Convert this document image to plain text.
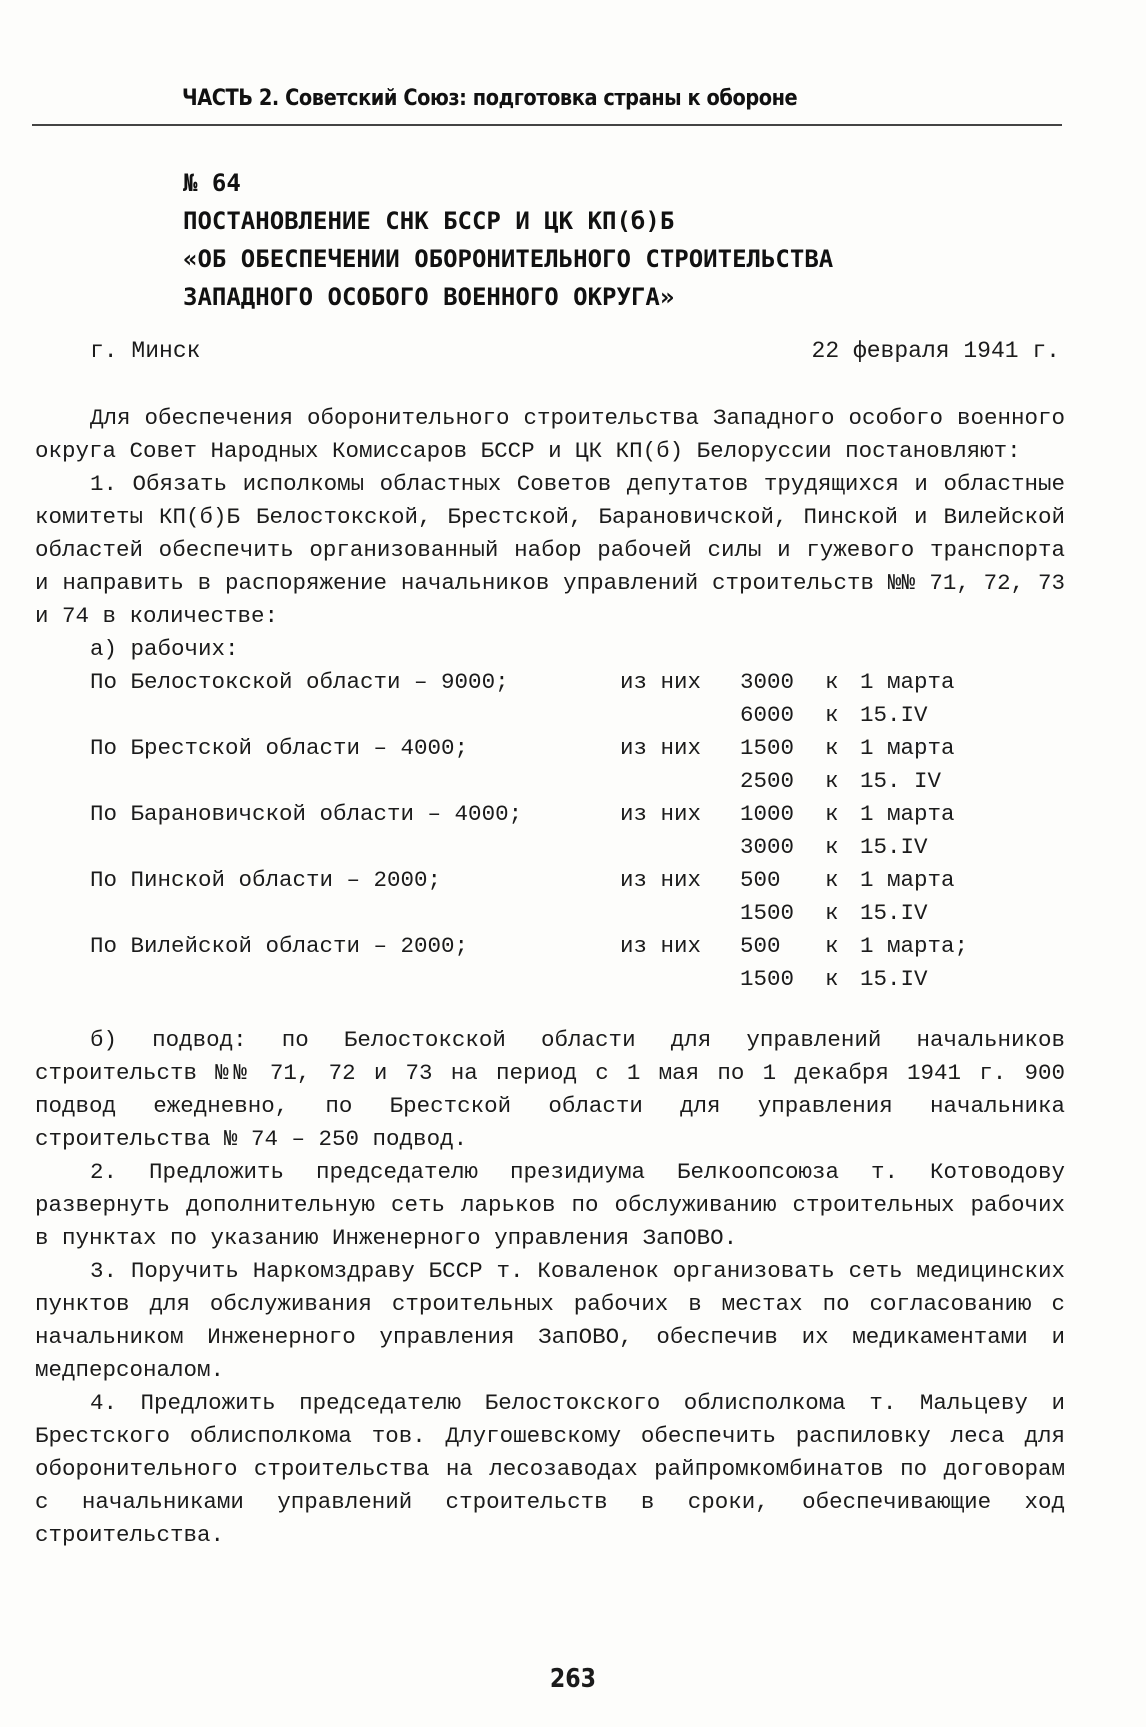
ЧАСТЬ 2. Советский Союз: подготовка страны к обороне
№ 64
ПОСТАНОВЛЕНИЕ СНК БССР И ЦК КП(б)Б
«ОБ ОБЕСПЕЧЕНИИ ОБОРОНИТЕЛЬНОГО СТРОИТЕЛЬСТВА
ЗАПАДНОГО ОСОБОГО ВОЕННОГО ОКРУГА»
г. Минск	22 февраля 1941 г.
Для обеспечения оборонительного строительства Западного особого военного округа Совет Народных Комиссаров БССР и ЦК КП(б) Белоруссии постановляют:
1. Обязать исполкомы областных Советов депутатов трудящихся и областные комитеты КП(б)Б Белостокской, Брестской, Барановичской, Пинской и Вилейской областей обеспечить организованный набор рабочей силы и гужевого транспорта и направить в распоряжение начальников управлений строительств №№ 71, 72, 73 и 74 в количестве:
а) рабочих:
По Белостокской области – 9000;	из них	3000	к 1 марта
6000	к 15.IV
По Брестской области – 4000;	из них	1500	к 1 марта
2500	к 15. IV
По Барановичской области – 4000;	из них	1000	к 1 марта
3000	к 15.IV
По Пинской области – 2000;	из них	500	к 1 марта
1500	к 15.IV
По Вилейской области – 2000;	из них	500	к 1 марта;
1500	к 15.IV
б) подвод: по Белостокской области для управлений начальников строительств №№ 71, 72 и 73 на период с 1 мая по 1 декабря 1941 г. 900 подвод ежедневно, по Брестской области для управления начальника строительства № 74 – 250 подвод.
2. Предложить председателю президиума Белкоопсоюза т. Котоводову развернуть дополнительную сеть ларьков по обслуживанию строительных рабочих в пунктах по указанию Инженерного управления ЗапОВО.
3. Поручить Наркомздраву БССР т. Коваленок организовать сеть медицинских пунктов для обслуживания строительных рабочих в местах по согласованию с начальником Инженерного управления ЗапОВО, обеспечив их медикаментами и медперсоналом.
4. Предложить председателю Белостокского облисполкома т. Мальцеву и Брестского облисполкома тов. Длугошевскому обеспечить распиловку леса для оборонительного строительства на лесозаводах райпромкомбинатов по договорам с начальниками управлений строительств в сроки, обеспечивающие ход строительства.
263
